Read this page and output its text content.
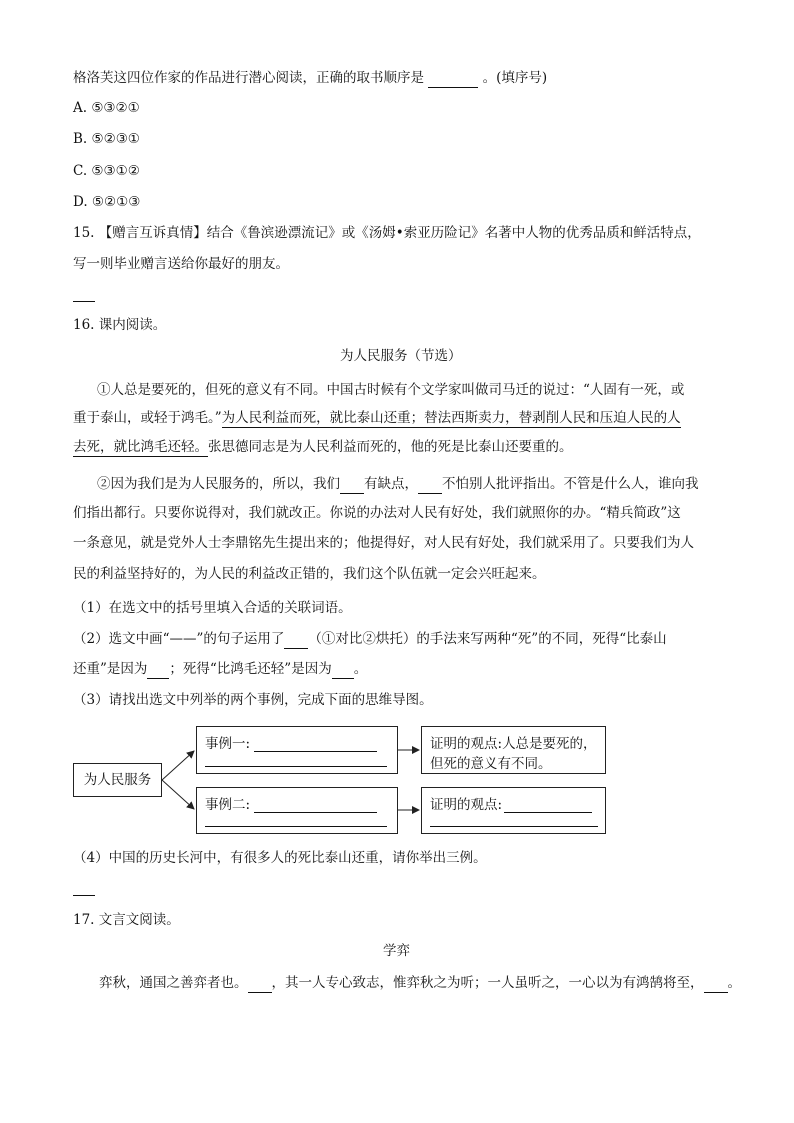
格洛芙这四位作家的作品进行潜心阅读，正确的取书顺序是	。(填序号)
A. ⑤③②①
B. ⑤②③①
C. ⑤③①②
D. ⑤②①③
15. 【赠言互诉真情】结合《鲁滨逊漂流记》或《汤姆•索亚历险记》名著中人物的优秀品质和鲜活特点，
写一则毕业赠言送给你最好的朋友。
16. 课内阅读。
为人民服务（节选）
①人总是要死的，但死的意义有不同。中国古时候有个文学家叫做司马迁的说过：“人固有一死，或
重于泰山，或轻于鸿毛。”为人民利益而死，就比泰山还重；替法西斯卖力，替剥削人民和压迫人民的人
去死，就比鸿毛还轻。张思德同志是为人民利益而死的，他的死是比泰山还要重的。
②因为我们是为人民服务的，所以，我们 有缺点， 不怕别人批评指出。不管是什么人，谁向我
们指出都行。只要你说得对，我们就改正。你说的办法对人民有好处，我们就照你的办。“精兵简政”这
一条意见，就是党外人士李鼎铭先生提出来的；他提得好，对人民有好处，我们就采用了。只要我们为人
民的利益坚持好的，为人民的利益改正错的，我们这个队伍就一定会兴旺起来。
（1）在选文中的括号里填入合适的关联词语。
（2）选文中画“——”的句子运用了 （①对比②烘托）的手法来写两种“死”的不同，死得“比泰山
还重”是因为 ；死得“比鸿毛还轻”是因为 。
（3）请找出选文中列举的两个事例，完成下面的思维导图。
为人民服务
事例一:
事例二:
证明的观点:人总是要死的，
但死的意义有不同。
证明的观点:
（4）中国的历史长河中，有很多人的死比泰山还重，请你举出三例。
17. 文言文阅读。
学弈
弈秋，通国之善弈者也。 ，其一人专心致志，惟弈秋之为听；一人虽听之，一心以为有鸿鹄将至， 。
